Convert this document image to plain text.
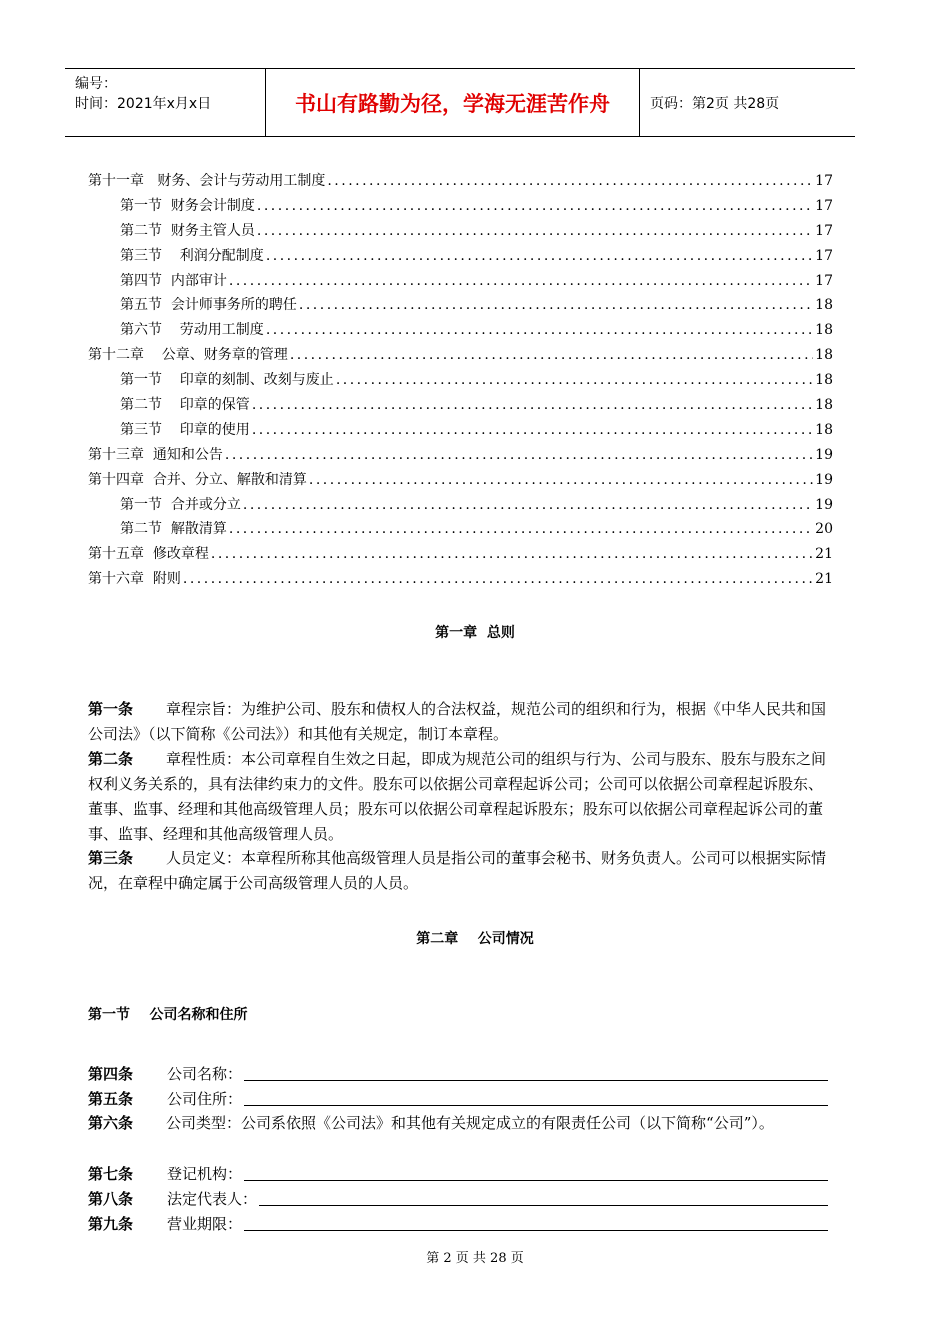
编号：
时间：2021年x月x日	书山有路勤为径，学海无涯苦作舟	页码：第2页 共28页
第十一章   财务、会计与劳动用工制度 .....	17
第一节  财务会计制度 .....	17
第二节  财务主管人员 .....	17
第三节    利润分配制度 .....	17
第四节  内部审计 .....	17
第五节  会计师事务所的聘任 .....	18
第六节    劳动用工制度 .....	18
第十二章    公章、财务章的管理 .....	18
第一节    印章的刻制、改刻与废止 .....	18
第二节    印章的保管 .....	18
第三节    印章的使用 .....	18
第十三章  通知和公告 .....	19
第十四章  合并、分立、解散和清算 .....	19
第一节  合并或分立 .....	19
第二节  解散清算 .....	20
第十五章  修改章程 .....	21
第十六章  附则 .....	21
第一章  总则
第一条 章程宗旨：为维护公司、股东和债权人的合法权益，规范公司的组织和行为，根据《中华人民共和国公司法》（以下简称《公司法》）和其他有关规定，制订本章程。
第二条 章程性质：本公司章程自生效之日起，即成为规范公司的组织与行为、公司与股东、股东与股东之间权利义务关系的，具有法律约束力的文件。股东可以依据公司章程起诉公司；公司可以依据公司章程起诉股东、董事、监事、经理和其他高级管理人员；股东可以依据公司章程起诉股东；股东可以依据公司章程起诉公司的董事、监事、经理和其他高级管理人员。
第三条 人员定义：本章程所称其他高级管理人员是指公司的董事会秘书、财务负责人。公司可以根据实际情况，在章程中确定属于公司高级管理人员的人员。
第二章    公司情况
第一节    公司名称和住所
第四条	公司名称：
第五条	公司住所：
第六条 公司类型：公司系依照《公司法》和其他有关规定成立的有限责任公司（以下简称“公司”）。
第七条	登记机构：
第八条	法定代表人：
第九条	营业期限：
第 2 页 共 28 页
